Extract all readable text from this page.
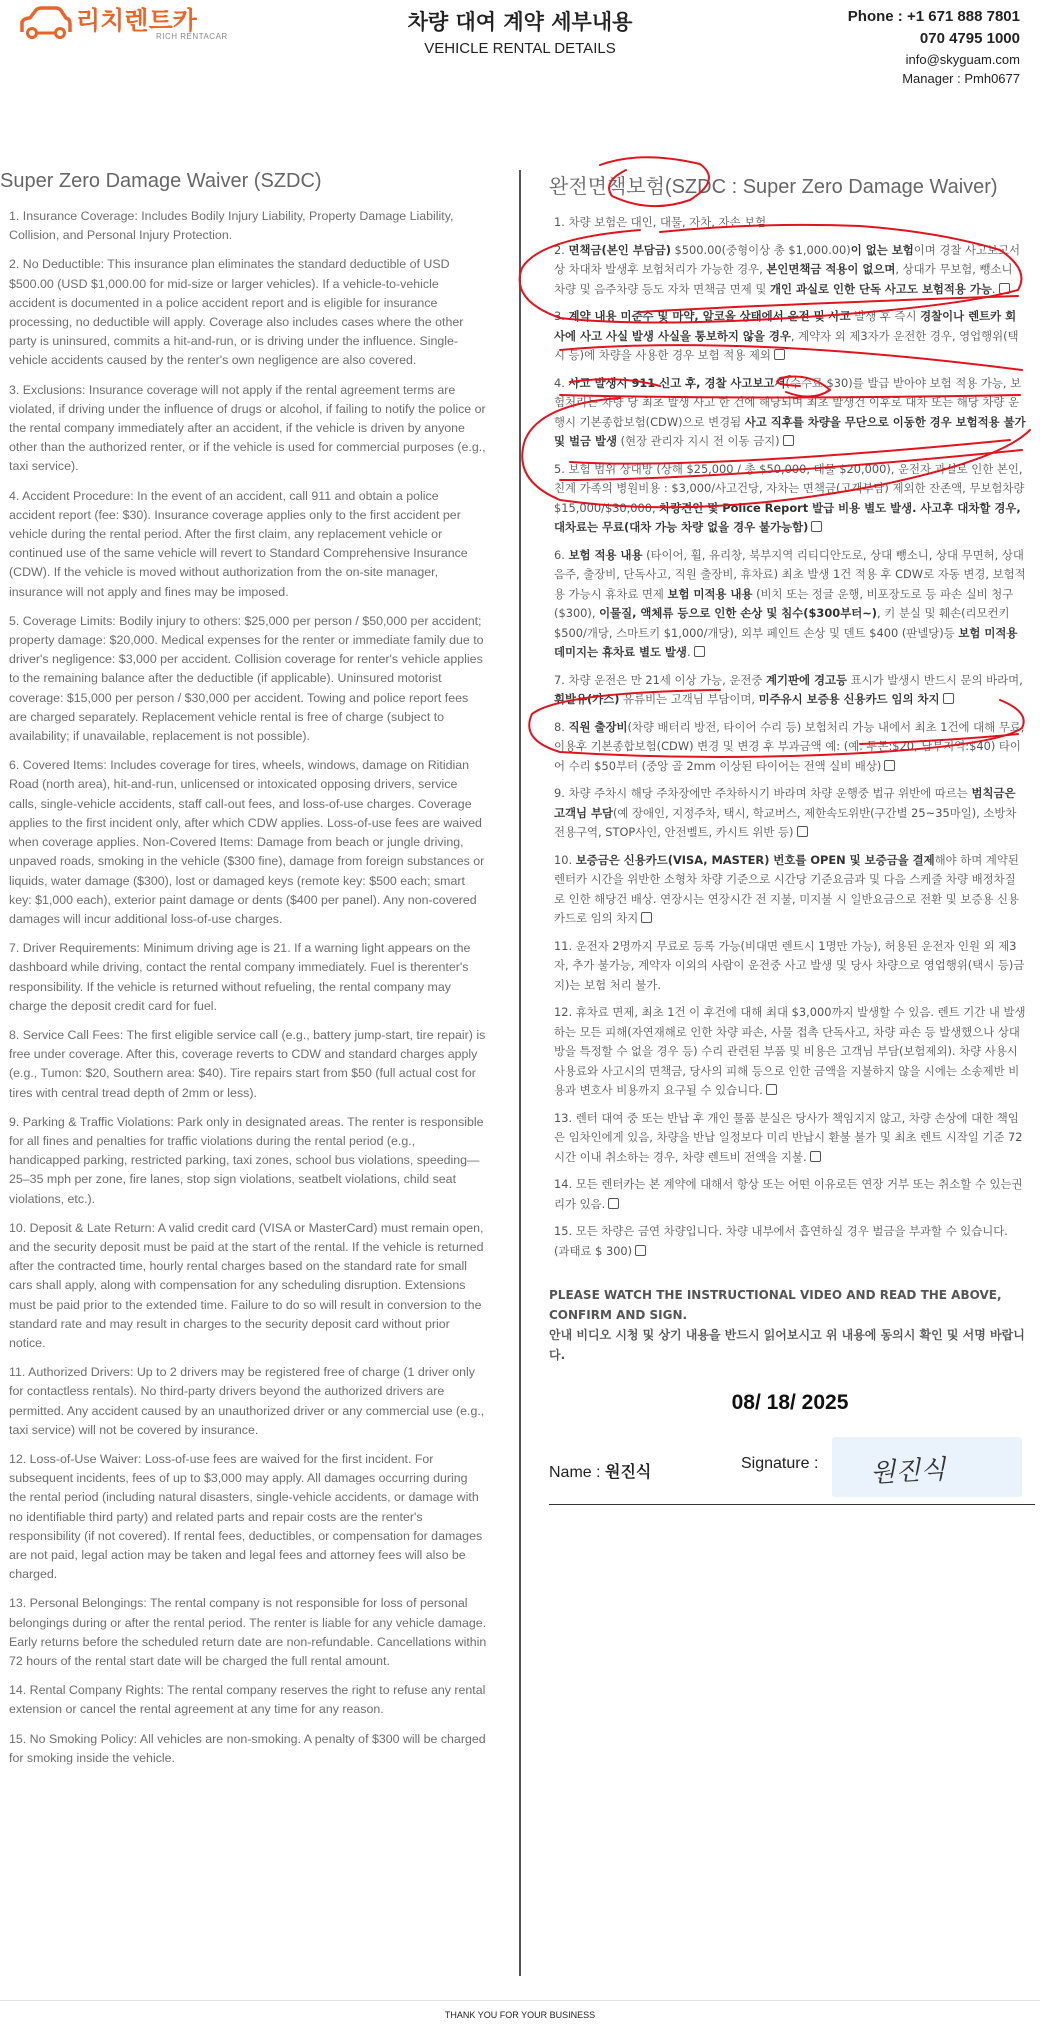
리치렌트카
RICH RENTACAR
차량 대여 계약 세부내용
VEHICLE RENTAL DETAILS
Phone : +1 671 888 7801
070 4795 1000
info@skyguam.com
Manager : Pmh0677
Super Zero Damage Waiver (SZDC)

1. Insurance Coverage: Includes Bodily Injury Liability, Property Damage Liability, Collision, and Personal Injury Protection.

2. No Deductible: This insurance plan eliminates the standard deductible of USD $500.00 (USD $1,000.00 for mid-size or larger vehicles). If a vehicle-to-vehicle accident is documented in a police accident report and is eligible for insurance processing, no deductible will apply. Coverage also includes cases where the other party is uninsured, commits a hit-and-run, or is driving under the influence. Single-vehicle accidents caused by the renter's own negligence are also covered.

3. Exclusions: Insurance coverage will not apply if the rental agreement terms are violated, if driving under the influence of drugs or alcohol, if failing to notify the police or the rental company immediately after an accident, if the vehicle is driven by anyone other than the authorized renter, or if the vehicle is used for commercial purposes (e.g., taxi service).

4. Accident Procedure: In the event of an accident, call 911 and obtain a police accident report (fee: $30). Insurance coverage applies only to the first accident per vehicle during the rental period. After the first claim, any replacement vehicle or continued use of the same vehicle will revert to Standard Comprehensive Insurance (CDW). If the vehicle is moved without authorization from the on-site manager, insurance will not apply and fines may be imposed.

5. Coverage Limits: Bodily injury to others: $25,000 per person / $50,000 per accident; property damage: $20,000. Medical expenses for the renter or immediate family due to driver's negligence: $3,000 per accident. Collision coverage for renter's vehicle applies to the remaining balance after the deductible (if applicable). Uninsured motorist coverage: $15,000 per person / $30,000 per accident. Towing and police report fees are charged separately. Replacement vehicle rental is free of charge (subject to availability; if unavailable, replacement is not possible).

6. Covered Items: Includes coverage for tires, wheels, windows, damage on Ritidian Road (north area), hit-and-run, unlicensed or intoxicated opposing drivers, service calls, single-vehicle accidents, staff call-out fees, and loss-of-use charges. Coverage applies to the first incident only, after which CDW applies. Loss-of-use fees are waived when coverage applies. Non-Covered Items: Damage from beach or jungle driving, unpaved roads, smoking in the vehicle ($300 fine), damage from foreign substances or liquids, water damage ($300), lost or damaged keys (remote key: $500 each; smart key: $1,000 each), exterior paint damage or dents ($400 per panel). Any non-covered damages will incur additional loss-of-use charges.

7. Driver Requirements: Minimum driving age is 21. If a warning light appears on the dashboard while driving, contact the rental company immediately. Fuel is therenter's responsibility. If the vehicle is returned without refueling, the rental company may charge the deposit credit card for fuel.

8. Service Call Fees: The first eligible service call (e.g., battery jump-start, tire repair) is free under coverage. After this, coverage reverts to CDW and standard charges apply (e.g., Tumon: $20, Southern area: $40). Tire repairs start from $50 (full actual cost for tires with central tread depth of 2mm or less).

9. Parking & Traffic Violations: Park only in designated areas. The renter is responsible for all fines and penalties for traffic violations during the rental period (e.g., handicapped parking, restricted parking, taxi zones, school bus violations, speeding—25–35 mph per zone, fire lanes, stop sign violations, seatbelt violations, child seat violations, etc.).

10. Deposit & Late Return: A valid credit card (VISA or MasterCard) must remain open, and the security deposit must be paid at the start of the rental. If the vehicle is returned after the contracted time, hourly rental charges based on the standard rate for small cars shall apply, along with compensation for any scheduling disruption. Extensions must be paid prior to the extended time. Failure to do so will result in conversion to the standard rate and may result in charges to the security deposit card without prior notice.

11. Authorized Drivers: Up to 2 drivers may be registered free of charge (1 driver only for contactless rentals). No third-party drivers beyond the authorized drivers are permitted. Any accident caused by an unauthorized driver or any commercial use (e.g., taxi service) will not be covered by insurance.

12. Loss-of-Use Waiver: Loss-of-use fees are waived for the first incident. For subsequent incidents, fees of up to $3,000 may apply. All damages occurring during the rental period (including natural disasters, single-vehicle accidents, or damage with no identifiable third party) and related parts and repair costs are the renter's responsibility (if not covered). If rental fees, deductibles, or compensation for damages are not paid, legal action may be taken and legal fees and attorney fees will also be charged.

13. Personal Belongings: The rental company is not responsible for loss of personal belongings during or after the rental period. The renter is liable for any vehicle damage. Early returns before the scheduled return date are non-refundable. Cancellations within 72 hours of the rental start date will be charged the full rental amount.

14. Rental Company Rights: The rental company reserves the right to refuse any rental extension or cancel the rental agreement at any time for any reason.

15. No Smoking Policy: All vehicles are non-smoking. A penalty of $300 will be charged for smoking inside the vehicle.

완전면책보험(SZDC : Super Zero Damage Waiver)

1. 차량 보험은 대인, 대물, 자차, 자손 보험

2. 면책금(본인 부담금) $500.00(중형이상 총 $1,000.00)이 없는 보험이며 경찰 사고보고서 상 차대차 발생후 보험처리가 가능한 경우, 본인면책금 적용이 없으며, 상대가 무보험, 뺑소니 차량 및 음주차량 등도 자차 면책금 면제 및 개인 과실로 인한 단독 사고도 보험적용 가능.

3. 계약 내용 미준수 및 마약, 알코올 상태에서 운전 및 사고 발생 후 즉시 경찰이나 렌트카 회사에 사고 사실 발생 사실을 통보하지 않을 경우, 계약자 외 제3자가 운전한 경우, 영업행위(택시 등)에 차량을 사용한 경우 보험 적용 제외

4. 사고 발생시 911 신고 후, 경찰 사고보고서(수수료 $30)를 발급 받아야 보험 적용 가능, 보험처리는 차량 당 최초 발생 사고 한 건에 해당되며 최초 발생건 이후로 대차 또는 해당 차량 운행시 기본종합보험(CDW)으로 변경됨 사고 직후를 차량을 무단으로 이동한 경우 보험적용 불가 및 벌금 발생 (현장 관리자 지시 전 이동 금지)

5. 보험 범위 상대방 (상해 $25,000 / 총 $50,000, 대물 $20,000), 운전자 과실로 인한 본인, 친계 가족의 병원비용 : $3,000/사고건당, 자차는 면책금(고객부담) 제외한 잔존액, 무보험차량 $15,000/$30,000, 차량견인 및 Police Report 발급 비용 별도 발생. 사고후 대차할 경우, 대차료는 무료(대차 가능 차량 없을 경우 불가능함)

6. 보험 적용 내용 (타이어, 휠, 유리창, 북부지역 리티디안도로, 상대 뺑소니, 상대 무면허, 상대음주, 출장비, 단독사고, 직원 출장비, 휴차료) 최초 발생 1건 적용 후 CDW로 자동 변경, 보험적용 가능시 휴차료 면제 보험 미적용 내용 (비치 또는 정글 운행, 비포장도로 등 파손 실비 청구($300), 이물질, 액체류 등으로 인한 손상 및 침수($300부터~), 키 분실 및 훼손(리모컨키 $500/개당, 스마트키 $1,000/개당), 외부 페인트 손상 및 덴트 $400 (판넬당)등 보험 미적용 데미지는 휴차료 별도 발생.

7. 차량 운전은 만 21세 이상 가능, 운전중 계기판에 경고등 표시가 발생시 반드시 문의 바라며, 휘발유(가스) 유류비는 고객님 부담이며, 미주유시 보증용 신용카드 임의 차지

8. 직원 출장비(차량 배터리 방전, 타이어 수리 등) 보험처리 가능 내에서 최초 1건에 대해 무료, 이용후 기본종합보험(CDW) 변경 및 변경 후 부과금액 예: (예. 투몬:$20, 남부지역:$40) 타이어 수리 $50부터 (중앙 골 2mm 이상된 타이어는 전액 실비 배상)

9. 차량 주차시 해당 주차장에만 주차하시기 바라며 차량 운행중 법규 위반에 따르는 범칙금은 고객님 부담(예 장애인, 지정주차, 택시, 학교버스, 제한속도위반(구간별 25~35마일), 소방차전용구역, STOP사인, 안전벨트, 카시트 위반 등)

10. 보증금은 신용카드(VISA, MASTER) 번호를 OPEN 및 보증금을 결제해야 하며 계약된 렌터카 시간을 위반한 소형차 차량 기준으로 시간당 기준요금과 및 다음 스케줄 차량 배정차질로 인한 해당건 배상. 연장시는 연장시간 전 지불, 미지불 시 일반요금으로 전환 및 보증용 신용카드로 임의 차지

11. 운전자 2명까지 무료로 등록 가능(비대면 렌트시 1명만 가능), 허용된 운전자 인원 외 제3자, 추가 불가능, 계약자 이외의 사람이 운전중 사고 발생 및 당사 차량으로 영업행위(택시 등)금지)는 보험 처리 불가.

12. 휴차료 면제, 최초 1건 이 후건에 대해 최대 $3,000까지 발생할 수 있음. 렌트 기간 내 발생하는 모든 피해(자연재해로 인한 차량 파손, 사물 접촉 단독사고, 차량 파손 등 발생했으나 상대방을 특정할 수 없을 경우 등) 수리 관련된 부품 및 비용은 고객님 부담(보험제외). 차량 사용시 사용료와 사고시의 면책금, 당사의 피해 등으로 인한 금액을 지불하지 않을 시에는 소송제반 비용과 변호사 비용까지 요구될 수 있습니다.

13. 렌터 대여 중 또는 반납 후 개인 물품 분실은 당사가 책임지지 않고, 차량 손상에 대한 책임은 임차인에게 있음, 차량을 반납 일정보다 미리 반납시 환불 불가 및 최초 렌트 시작일 기준 72시간 이내 취소하는 경우, 차량 렌트비 전액을 지불.

14. 모든 렌터카는 본 계약에 대해서 항상 또는 어떤 이유로든 연장 거부 또는 취소할 수 있는권리가 있음.

15. 모든 차량은 금연 차량입니다. 차량 내부에서 흡연하실 경우 벌금을 부과할 수 있습니다. (과태료 $ 300)

PLEASE WATCH THE INSTRUCTIONAL VIDEO AND READ THE ABOVE, CONFIRM AND SIGN.
안내 비디오 시청 및 상기 내용을 반드시 읽어보시고 위 내용에 동의시 확인 및 서명 바랍니다.
08/ 18/ 2025
Name : 원진식	Signature : 원진식
THANK YOU FOR YOUR BUSINESS
